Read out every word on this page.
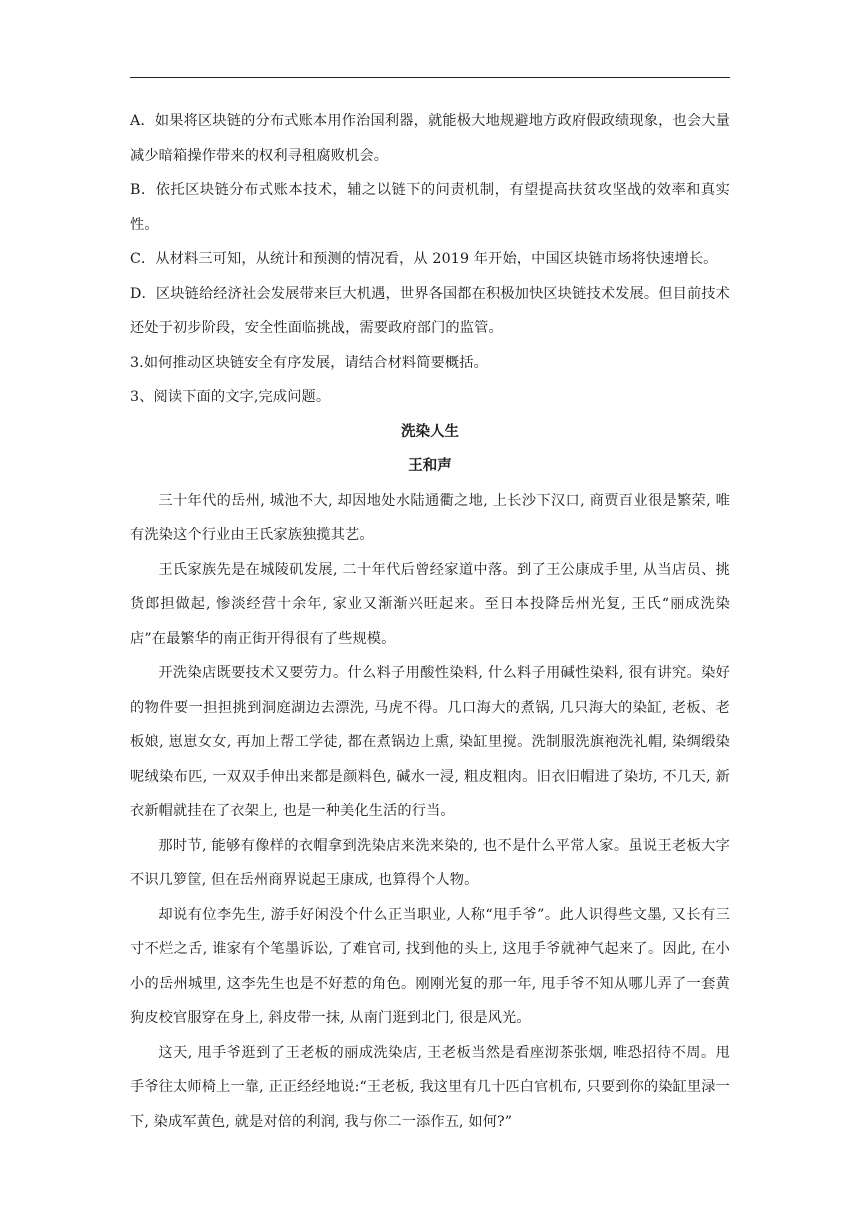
A．如果将区块链的分布式账本用作治国利器，就能极大地规避地方政府假政绩现象，也会大量减少暗箱操作带来的权利寻租腐败机会。

B．依托区块链分布式账本技术，辅之以链下的问责机制，有望提高扶贫攻坚战的效率和真实性。

C．从材料三可知，从统计和预测的情况看，从 2019 年开始，中国区块链市场将快速增长。

D．区块链给经济社会发展带来巨大机遇，世界各国都在积极加快区块链技术发展。但目前技术还处于初步阶段，安全性面临挑战，需要政府部门的监管。

3.如何推动区块链安全有序发展，请结合材料简要概括。

3、阅读下面的文字,完成问题。

洗染人生
王和声

三十年代的岳州, 城池不大, 却因地处水陆通衢之地, 上长沙下汉口, 商贾百业很是繁荣, 唯有洗染这个行业由王氏家族独揽其艺。

王氏家族先是在城陵矶发展, 二十年代后曾经家道中落。到了王公康成手里, 从当店员、挑货郎担做起, 惨淡经营十余年, 家业又渐渐兴旺起来。至日本投降岳州光复, 王氏“丽成洗染店”在最繁华的南正街开得很有了些规模。

开洗染店既要技术又要劳力。什么料子用酸性染料, 什么料子用碱性染料, 很有讲究。染好的物件要一担担挑到洞庭湖边去漂洗, 马虎不得。几口海大的煮锅, 几只海大的染缸, 老板、老板娘, 崽崽女女, 再加上帮工学徒, 都在煮锅边上熏, 染缸里搅。洗制服洗旗袍洗礼帽, 染绸缎染呢绒染布匹, 一双双手伸出来都是颜料色, 碱水一浸, 粗皮粗肉。旧衣旧帽进了染坊, 不几天, 新衣新帽就挂在了衣架上, 也是一种美化生活的行当。

那时节, 能够有像样的衣帽拿到洗染店来洗来染的, 也不是什么平常人家。虽说王老板大字不识几箩筐, 但在岳州商界说起王康成, 也算得个人物。

却说有位李先生, 游手好闲没个什么正当职业, 人称“甩手爷”。此人识得些文墨, 又长有三寸不烂之舌, 谁家有个笔墨诉讼, 了难官司, 找到他的头上, 这甩手爷就神气起来了。因此, 在小小的岳州城里, 这李先生也是不好惹的角色。刚刚光复的那一年, 甩手爷不知从哪儿弄了一套黄狗皮校官服穿在身上, 斜皮带一抹, 从南门逛到北门, 很是风光。

这天, 甩手爷逛到了王老板的丽成洗染店, 王老板当然是看座沏茶张烟, 唯恐招待不周。甩手爷往太师椅上一靠, 正正经经地说:“王老板, 我这里有几十匹白官机布, 只要到你的染缸里渌一下, 染成军黄色, 就是对倍的利润, 我与你二一添作五, 如何?”
